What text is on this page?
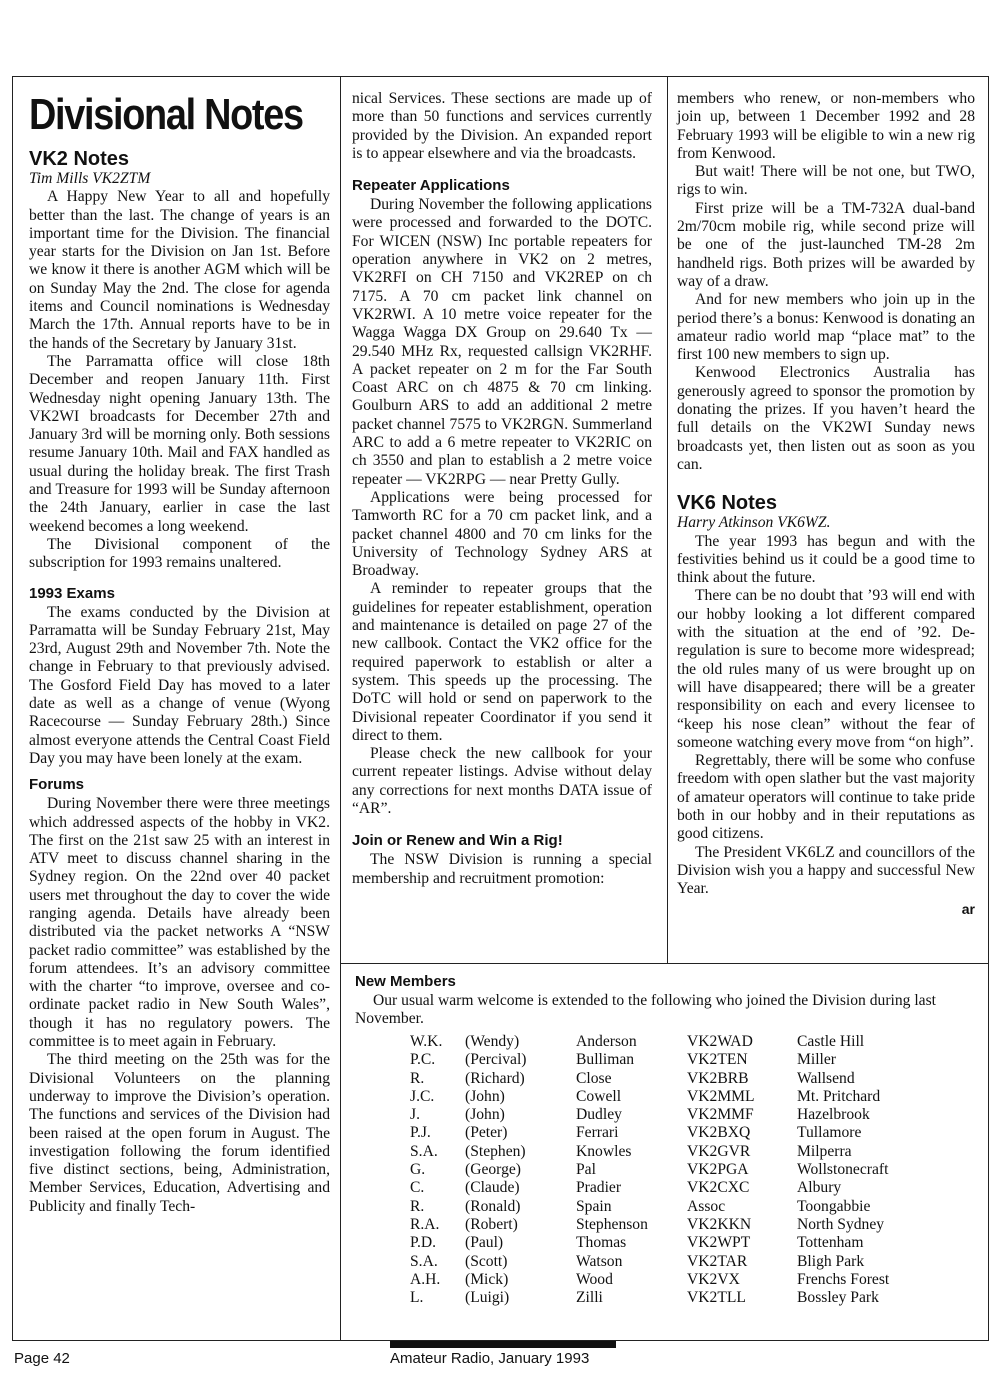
Divisional Notes
VK2 Notes

Tim Mills VK2ZTM

A Happy New Year to all and hopefully better than the last. The change of years is an important time for the Division. The financial year starts for the Division on Jan 1st. Before we know it there is another AGM which will be on Sunday May the 2nd. The close for agenda items and Council nominations is Wednesday March the 17th. Annual reports have to be in the hands of the Secretary by January 31st.

The Parramatta office will close 18th December and reopen January 11th. First Wednesday night opening January 13th. The VK2WI broadcasts for December 27th and January 3rd will be morning only. Both sessions resume January 10th. Mail and FAX handled as usual during the holiday break. The first Trash and Treasure for 1993 will be Sunday afternoon the 24th January, earlier in case the last weekend becomes a long weekend.

The Divisional component of the subscription for 1993 remains unaltered.

1993 Exams

The exams conducted by the Division at Parramatta will be Sunday February 21st, May 23rd, August 29th and November 7th. Note the change in February to that previously advised. The Gosford Field Day has moved to a later date as well as a change of venue (Wyong Racecourse — Sunday February 28th.) Since almost everyone attends the Central Coast Field Day you may have been lonely at the exam.

Forums

During November there were three meetings which addressed aspects of the hobby in VK2. The first on the 21st saw 25 with an interest in ATV meet to discuss channel sharing in the Sydney region. On the 22nd over 40 packet users met throughout the day to cover the wide ranging agenda. Details have already been distributed via the packet networks A “NSW packet radio committee” was established by the forum attendees. It’s an advisory committee with the charter “to improve, oversee and co-ordinate packet radio in New South Wales”, though it has no regulatory powers. The committee is to meet again in February.

The third meeting on the 25th was for the Divisional Volunteers on the planning underway to improve the Division’s operation. The functions and services of the Division had been raised at the open forum in August. The investigation following the forum identified five distinct sections, being, Administration, Member Services, Education, Advertising and Publicity and finally Tech-

nical Services. These sections are made up of more than 50 functions and services currently provided by the Division. An expanded report is to appear elsewhere and via the broadcasts.

Repeater Applications

During November the following applications were processed and forwarded to the DOTC. For WICEN (NSW) Inc portable repeaters for operation anywhere in VK2 on 2 metres, VK2RFI on CH 7150 and VK2REP on ch 7175. A 70 cm packet link channel on VK2RWI. A 10 metre voice repeater for the Wagga Wagga DX Group on 29.640 Tx — 29.540 MHz Rx, requested callsign VK2RHF. A packet repeater on 2 m for the Far South Coast ARC on ch 4875 & 70 cm linking. Goulburn ARS to add an additional 2 metre packet channel 7575 to VK2RGN. Summerland ARC to add a 6 metre repeater to VK2RIC on ch 3550 and plan to establish a 2 metre voice repeater — VK2RPG — near Pretty Gully.

Applications were being processed for Tamworth RC for a 70 cm packet link, and a packet channel 4800 and 70 cm links for the University of Technology Sydney ARS at Broadway.

A reminder to repeater groups that the guidelines for repeater establishment, operation and maintenance is detailed on page 27 of the new callbook. Contact the VK2 office for the required paperwork to establish or alter a system. This speeds up the processing. The DoTC will hold or send on paperwork to the Divisional repeater Coordinator if you send it direct to them.

Please check the new callbook for your current repeater listings. Advise without delay any corrections for next months DATA issue of “AR”.

Join or Renew and Win a Rig!

The NSW Division is running a special membership and recruitment promotion:

members who renew, or non-members who join up, between 1 December 1992 and 28 February 1993 will be eligible to win a new rig from Kenwood.

But wait! There will be not one, but TWO, rigs to win.

First prize will be a TM-732A dual-band 2m/70cm mobile rig, while second prize will be one of the just-launched TM-28 2m handheld rigs. Both prizes will be awarded by way of a draw.

And for new members who join up in the period there’s a bonus: Kenwood is donating an amateur radio world map “place mat” to the first 100 new members to sign up.

Kenwood Electronics Australia has generously agreed to sponsor the promotion by donating the prizes. If you haven’t heard the full details on the VK2WI Sunday news broadcasts yet, then listen out as soon as you can.

VK6 Notes

Harry Atkinson VK6WZ.

The year 1993 has begun and with the festivities behind us it could be a good time to think about the future.

There can be no doubt that ’93 will end with our hobby looking a lot different compared with the situation at the end of ’92. De-regulation is sure to become more widespread; the old rules many of us were brought up on will have disappeared; there will be a greater responsibility on each and every licensee to “keep his nose clean” without the fear of someone watching every move from “on high”.

Regrettably, there will be some who confuse freedom with open slather but the vast majority of amateur operators will continue to take pride both in our hobby and in their reputations as good citizens.

The President VK6LZ and councillors of the Division wish you a happy and successful New Year.

ar
New Members

Our usual warm welcome is extended to the following who joined the Division during last November.

W.K.	(Wendy)	Anderson	VK2WAD	Castle Hill
P.C.	(Percival)	Bulliman	VK2TEN	Miller
R.	(Richard)	Close	VK2BRB	Wallsend
J.C.	(John)	Cowell	VK2MML	Mt. Pritchard
J.	(John)	Dudley	VK2MMF	Hazelbrook
P.J.	(Peter)	Ferrari	VK2BXQ	Tullamore
S.A.	(Stephen)	Knowles	VK2GVR	Milperra
G.	(George)	Pal	VK2PGA	Wollstonecraft
C.	(Claude)	Pradier	VK2CXC	Albury
R.	(Ronald)	Spain	Assoc	Toongabbie
R.A.	(Robert)	Stephenson	VK2KKN	North Sydney
P.D.	(Paul)	Thomas	VK2WPT	Tottenham
S.A.	(Scott)	Watson	VK2TAR	Bligh Park
A.H.	(Mick)	Wood	VK2VX	Frenchs Forest
L.	(Luigi)	Zilli	VK2TLL	Bossley Park
Page 42	Amateur Radio, January 1993
